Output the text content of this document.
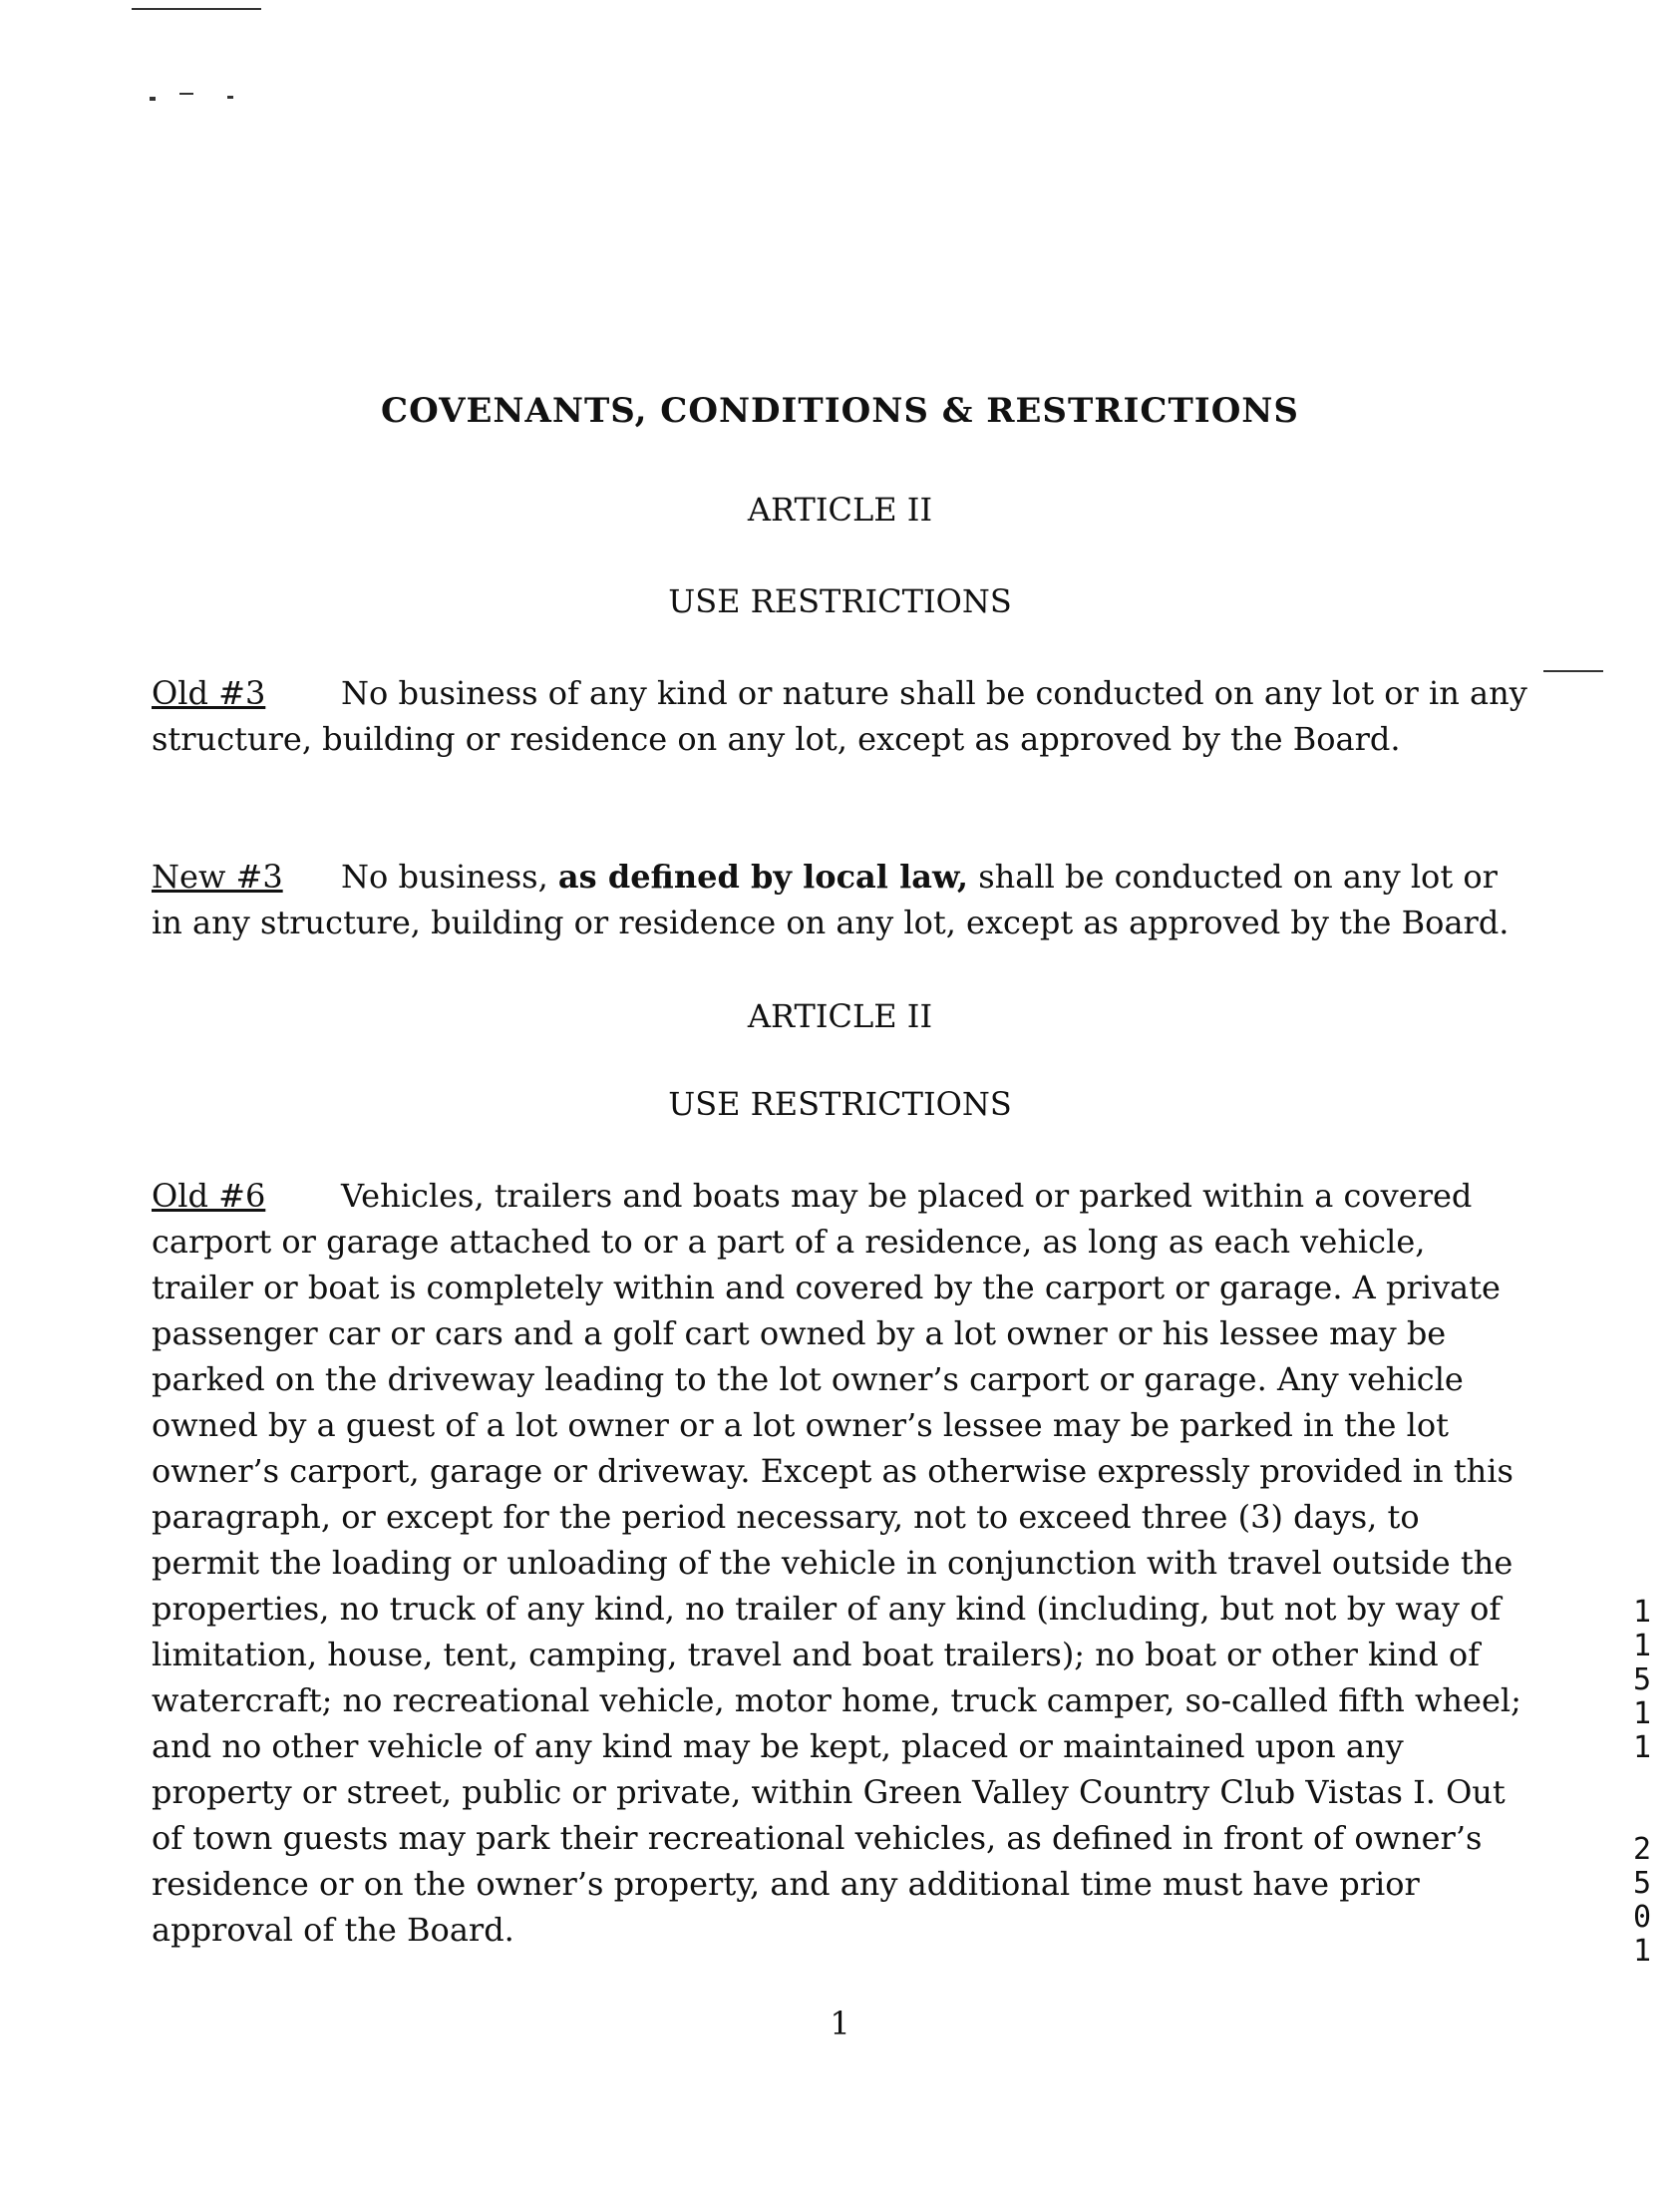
COVENANTS, CONDITIONS & RESTRICTIONS
ARTICLE II
USE RESTRICTIONS
Old #3 No business of any kind or nature shall be conducted on any lot or in any structure, building or residence on any lot, except as approved by the Board.
New #3 No business, as defined by local law, shall be conducted on any lot or in any structure, building or residence on any lot, except as approved by the Board.
ARTICLE II
USE RESTRICTIONS
Old #6 Vehicles, trailers and boats may be placed or parked within a covered carport or garage attached to or a part of a residence, as long as each vehicle, trailer or boat is completely within and covered by the carport or garage. A private passenger car or cars and a golf cart owned by a lot owner or his lessee may be parked on the driveway leading to the lot owner’s carport or garage. Any vehicle owned by a guest of a lot owner or a lot owner’s lessee may be parked in the lot owner’s carport, garage or driveway. Except as otherwise expressly provided in this paragraph, or except for the period necessary, not to exceed three (3) days, to permit the loading or unloading of the vehicle in conjunction with travel outside the properties, no truck of any kind, no trailer of any kind (including, but not by way of limitation, house, tent, camping, travel and boat trailers); no boat or other kind of watercraft; no recreational vehicle, motor home, truck camper, so-called fifth wheel; and no other vehicle of any kind may be kept, placed or maintained upon any property or street, public or private, within Green Valley Country Club Vistas I. Out of town guests may park their recreational vehicles, as defined in front of owner’s residence or on the owner’s property, and any additional time must have prior approval of the Board.
1
1
5
1
1

2
5
0
1
1
